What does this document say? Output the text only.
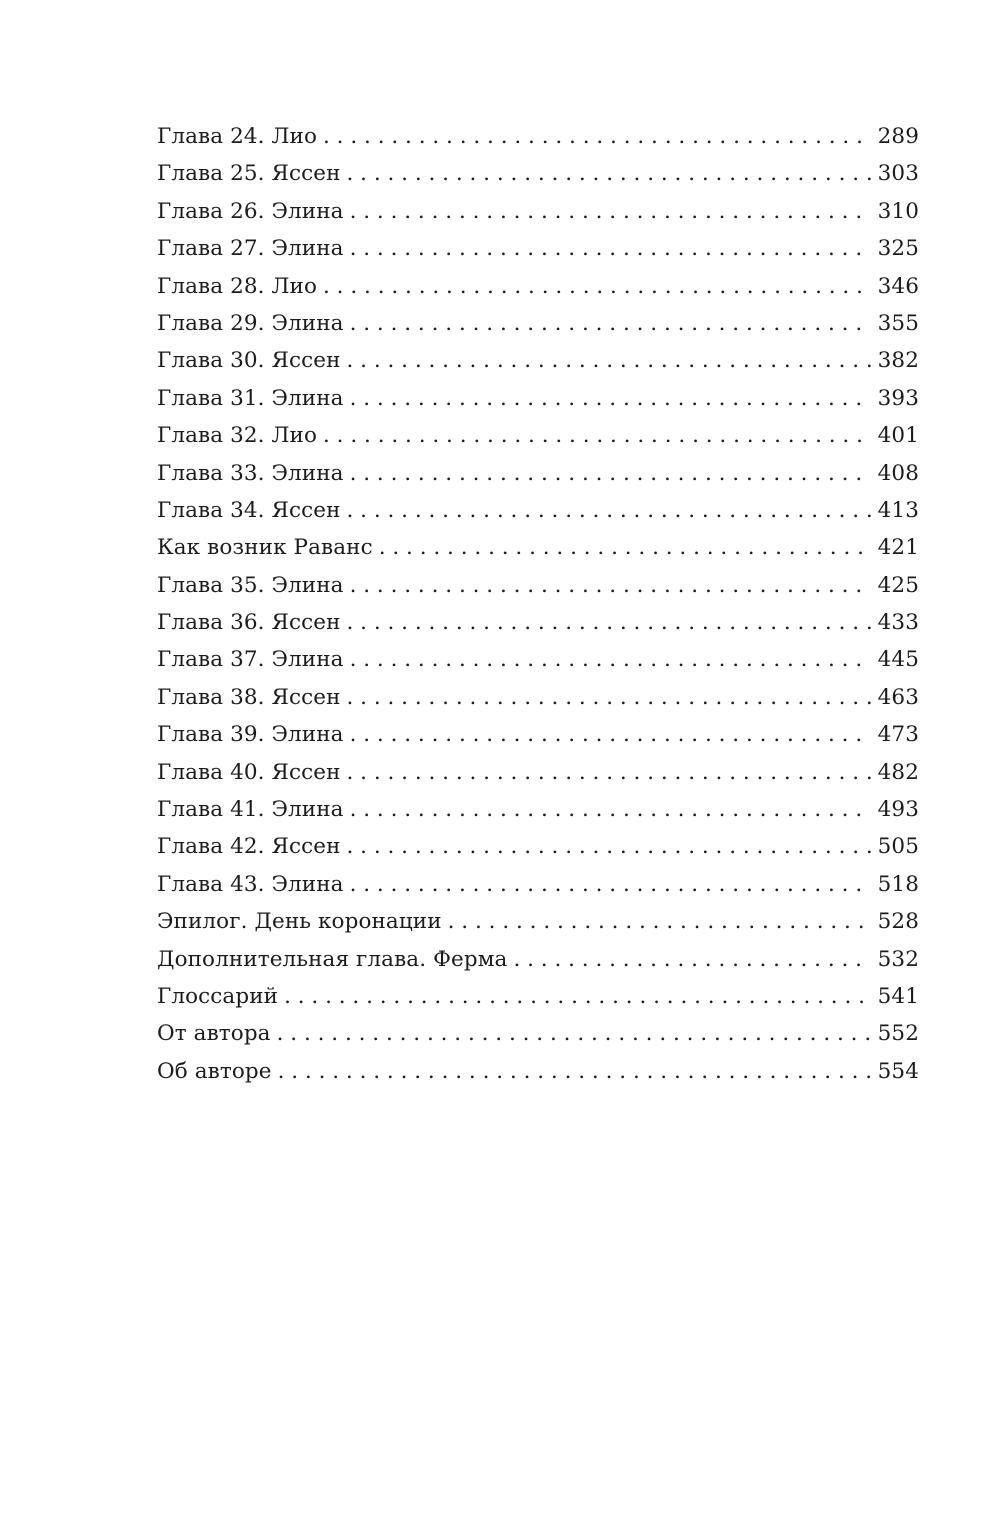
Глава 24. Лио . . .	289
Глава 25. Яссен . . .	303
Глава 26. Элина . . .	310
Глава 27. Элина . . .	325
Глава 28. Лио . . .	346
Глава 29. Элина . . .	355
Глава 30. Яссен . . .	382
Глава 31. Элина . . .	393
Глава 32. Лио . . .	401
Глава 33. Элина . . .	408
Глава 34. Яссен . . .	413
Как возник Раванс . . .	421
Глава 35. Элина . . .	425
Глава 36. Яссен . . .	433
Глава 37. Элина . . .	445
Глава 38. Яссен . . .	463
Глава 39. Элина . . .	473
Глава 40. Яссен . . .	482
Глава 41. Элина . . .	493
Глава 42. Яссен . . .	505
Глава 43. Элина . . .	518
Эпилог. День коронации . . .	528
Дополнительная глава. Ферма . . .	532
Глоссарий . . .	541
От автора . . .	552
Об авторе . . .	554
